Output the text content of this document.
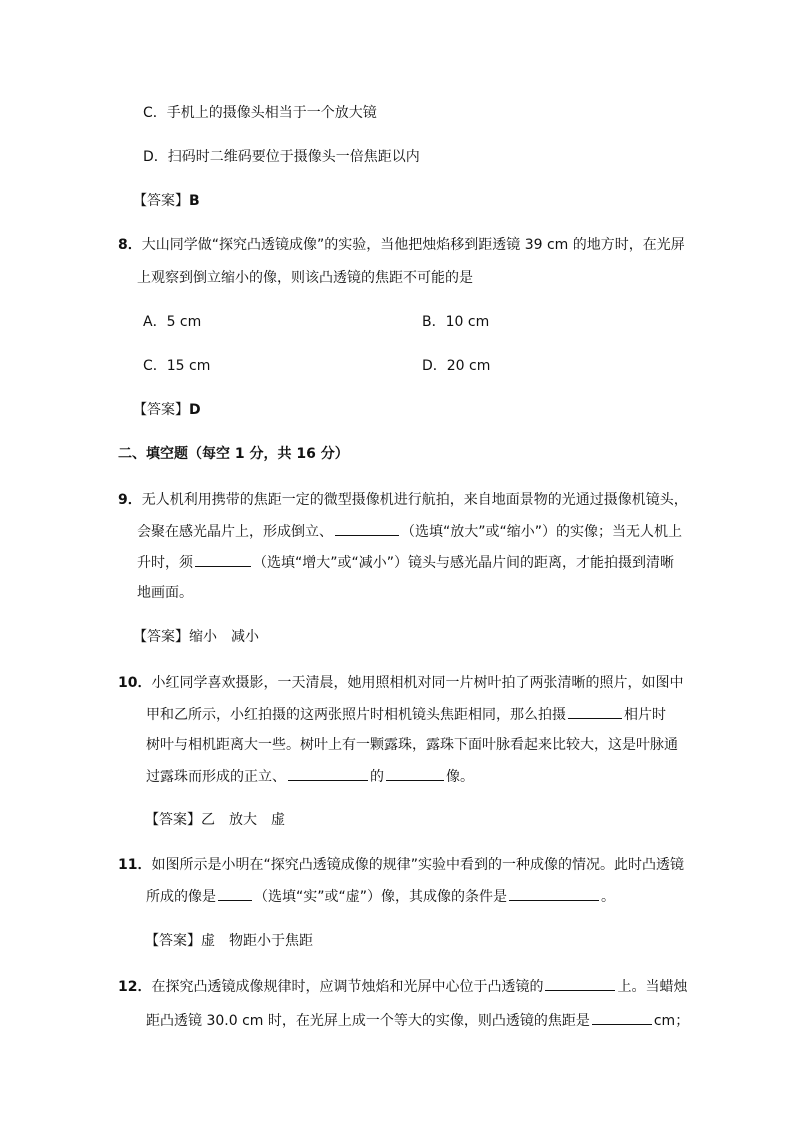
C．手机上的摄像头相当于一个放大镜
D．扫码时二维码要位于摄像头一倍焦距以内
【答案】B
8．大山同学做“探究凸透镜成像”的实验，当他把烛焰移到距透镜 39 cm 的地方时，在光屏
上观察到倒立缩小的像，则该凸透镜的焦距不可能的是
A．5 cm	B．10 cm
C．15 cm	D．20 cm
【答案】D
二、填空题（每空 1 分，共 16 分）
9．无人机利用携带的焦距一定的微型摄像机进行航拍，来自地面景物的光通过摄像机镜头，
会聚在感光晶片上，形成倒立、	（选填“放大”或“缩小”）的实像；当无人机上
升时，须	（选填“增大”或“减小”）镜头与感光晶片间的距离，才能拍摄到清晰
地画面。
【答案】缩小 减小
10．小红同学喜欢摄影，一天清晨，她用照相机对同一片树叶拍了两张清晰的照片，如图中
甲和乙所示，小红拍摄的这两张照片时相机镜头焦距相同，那么拍摄	相片时
树叶与相机距离大一些。树叶上有一颗露珠，露珠下面叶脉看起来比较大，这是叶脉通
过露珠而形成的正立、	的	像。
【答案】乙 放大 虚
11．如图所示是小明在“探究凸透镜成像的规律”实验中看到的一种成像的情况。此时凸透镜
所成的像是	（选填“实”或“虚”）像，其成像的条件是	。
【答案】虚 物距小于焦距
12．在探究凸透镜成像规律时，应调节烛焰和光屏中心位于凸透镜的	上。当蜡烛
距凸透镜 30.0 cm 时，在光屏上成一个等大的实像，则凸透镜的焦距是	cm；
